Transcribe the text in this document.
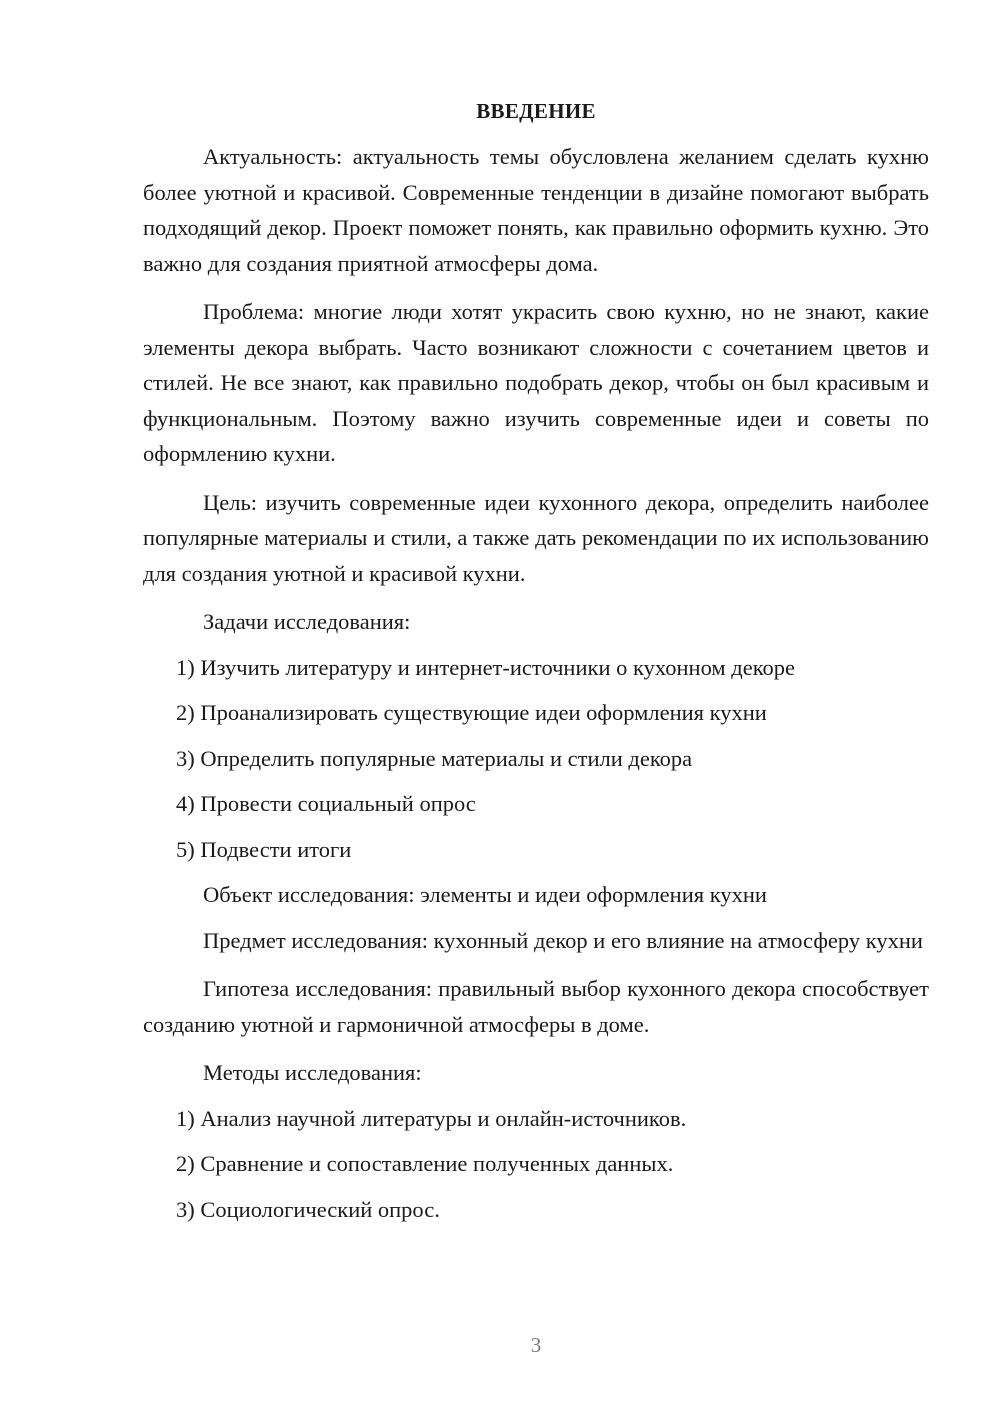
ВВЕДЕНИЕ

Актуальность: актуальность темы обусловлена желанием сделать кухню более уютной и красивой. Современные тенденции в дизайне помогают выбрать подходящий декор. Проект поможет понять, как правильно оформить кухню. Это важно для создания приятной атмосферы дома.

Проблема: многие люди хотят украсить свою кухню, но не знают, какие элементы декора выбрать. Часто возникают сложности с сочетанием цветов и стилей. Не все знают, как правильно подобрать декор, чтобы он был красивым и функциональным. Поэтому важно изучить современные идеи и советы по оформлению кухни.

Цель: изучить современные идеи кухонного декора, определить наиболее популярные материалы и стили, а также дать рекомендации по их использованию для создания уютной и красивой кухни.

Задачи исследования:
1) Изучить литературу и интернет-источники о кухонном декоре
2) Проанализировать существующие идеи оформления кухни
3) Определить популярные материалы и стили декора
4) Провести социальный опрос
5) Подвести итоги
Объект исследования: элементы и идеи оформления кухни

Предмет исследования: кухонный декор и его влияние на атмосферу кухни

Гипотеза исследования: правильный выбор кухонного декора способствует созданию уютной и гармоничной атмосферы в доме.

Методы исследования:
1) Анализ научной литературы и онлайн-источников.
2) Сравнение и сопоставление полученных данных.
3) Социологический опрос.
3
